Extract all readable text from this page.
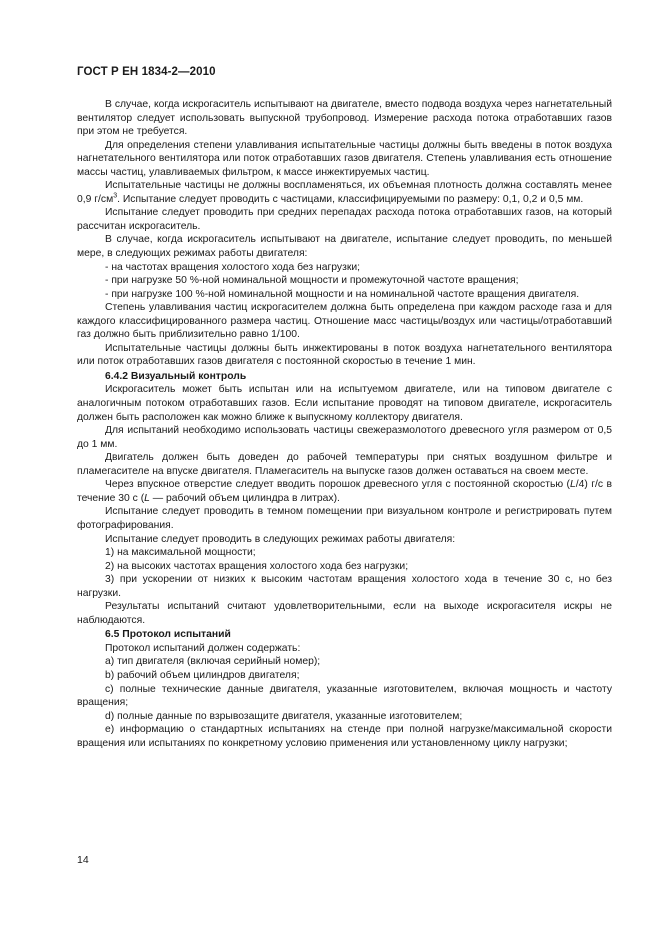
ГОСТ Р ЕН 1834-2—2010

В случае, когда искрогаситель испытывают на двигателе, вместо подвода воздуха через нагнетательный вентилятор следует использовать выпускной трубопровод. Измерение расхода потока отработавших газов при этом не требуется.

Для определения степени улавливания испытательные частицы должны быть введены в поток воздуха нагнетательного вентилятора или поток отработавших газов двигателя. Степень улавливания есть отношение массы частиц, улавливаемых фильтром, к массе инжектируемых частиц.

Испытательные частицы не должны воспламеняться, их объемная плотность должна составлять менее 0,9 $г/см^3$. Испытание следует проводить с частицами, классифицируемыми по размеру: 0,1, 0,2 и 0,5 мм.

Испытание следует проводить при средних перепадах расхода потока отработавших газов, на который рассчитан искрогаситель.

В случае, когда искрогаситель испытывают на двигателе, испытание следует проводить, по меньшей мере, в следующих режимах работы двигателя:

- на частотах вращения холостого хода без нагрузки;

- при нагрузке 50 %-ной номинальной мощности и промежуточной частоте вращения;

- при нагрузке 100 %-ной номинальной мощности и на номинальной частоте вращения двигателя.

Степень улавливания частиц искрогасителем должна быть определена при каждом расходе газа и для каждого классифицированного размера частиц. Отношение масс частицы/воздух или частицы/отработавший газ должно быть приблизительно равно 1/100.

Испытательные частицы должны быть инжектированы в поток воздуха нагнетательного вентилятора или поток отработавших газов двигателя с постоянной скоростью в течение 1 мин.

6.4.2 Визуальный контроль

Искрогаситель может быть испытан или на испытуемом двигателе, или на типовом двигателе с аналогичным потоком отработавших газов. Если испытание проводят на типовом двигателе, искрогаситель должен быть расположен как можно ближе к выпускному коллектору двигателя.

Для испытаний необходимо использовать частицы свежеразмолотого древесного угля размером от 0,5 до 1 мм.

Двигатель должен быть доведен до рабочей температуры при снятых воздушном фильтре и пламегасителе на впуске двигателя. Пламегаситель на выпуске газов должен оставаться на своем месте.

Через впускное отверстие следует вводить порошок древесного угля с постоянной скоростью (L/4) г/с в течение 30 с (L — рабочий объем цилиндра в литрах).

Испытание следует проводить в темном помещении при визуальном контроле и регистрировать путем фотографирования.

Испытание следует проводить в следующих режимах работы двигателя:

1) на максимальной мощности;

2) на высоких частотах вращения холостого хода без нагрузки;

3) при ускорении от низких к высоким частотам вращения холостого хода в течение 30 с, но без нагрузки.

Результаты испытаний считают удовлетворительными, если на выходе искрогасителя искры не наблюдаются.

6.5 Протокол испытаний

Протокол испытаний должен содержать:

a) тип двигателя (включая серийный номер);

b) рабочий объем цилиндров двигателя;

c) полные технические данные двигателя, указанные изготовителем, включая мощность и частоту вращения;

d) полные данные по взрывозащите двигателя, указанные изготовителем;

e) информацию о стандартных испытаниях на стенде при полной нагрузке/максимальной скорости вращения или испытаниях по конкретному условию применения или установленному циклу нагрузки;

14
